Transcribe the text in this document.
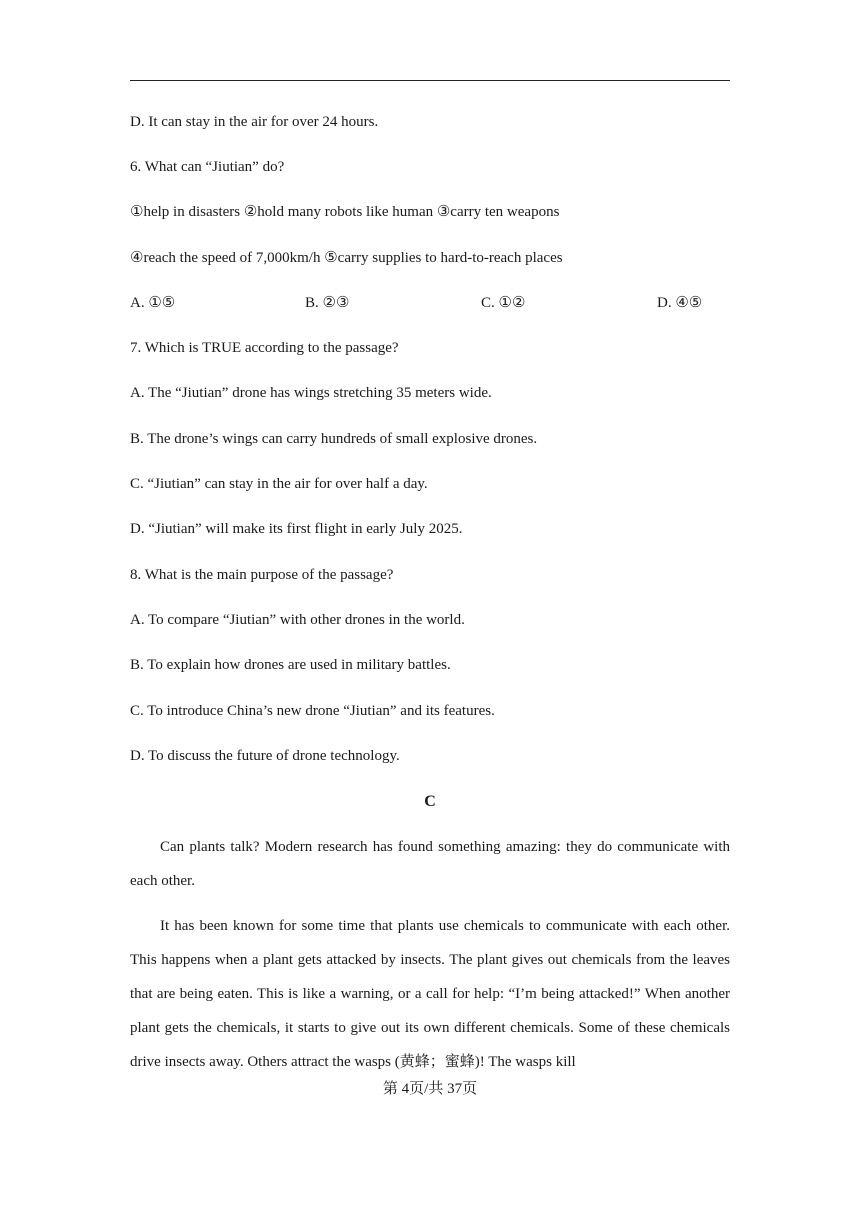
D. It can stay in the air for over 24 hours.
6. What can “Jiutian” do?
①help in disasters ②hold many robots like human ③carry ten weapons
④reach the speed of 7,000km/h ⑤carry supplies to hard-to-reach places
A. ①⑤	B. ②③	C. ①②	D. ④⑤
7. Which is TRUE according to the passage?
A. The “Jiutian” drone has wings stretching 35 meters wide.
B. The drone’s wings can carry hundreds of small explosive drones.
C. “Jiutian” can stay in the air for over half a day.
D. “Jiutian” will make its first flight in early July 2025.
8. What is the main purpose of the passage?
A. To compare “Jiutian” with other drones in the world.
B. To explain how drones are used in military battles.
C. To introduce China’s new drone “Jiutian” and its features.
D. To discuss the future of drone technology.
C
Can plants talk? Modern research has found something amazing: they do communicate with each other.
It has been known for some time that plants use chemicals to communicate with each other. This happens when a plant gets attacked by insects. The plant gives out chemicals from the leaves that are being eaten. This is like a warning, or a call for help: “I’m being attacked!” When another plant gets the chemicals, it starts to give out its own different chemicals. Some of these chemicals drive insects away. Others attract the wasps (黄蜂；蜜蜂)! The wasps kill
第 4页/共 37页
